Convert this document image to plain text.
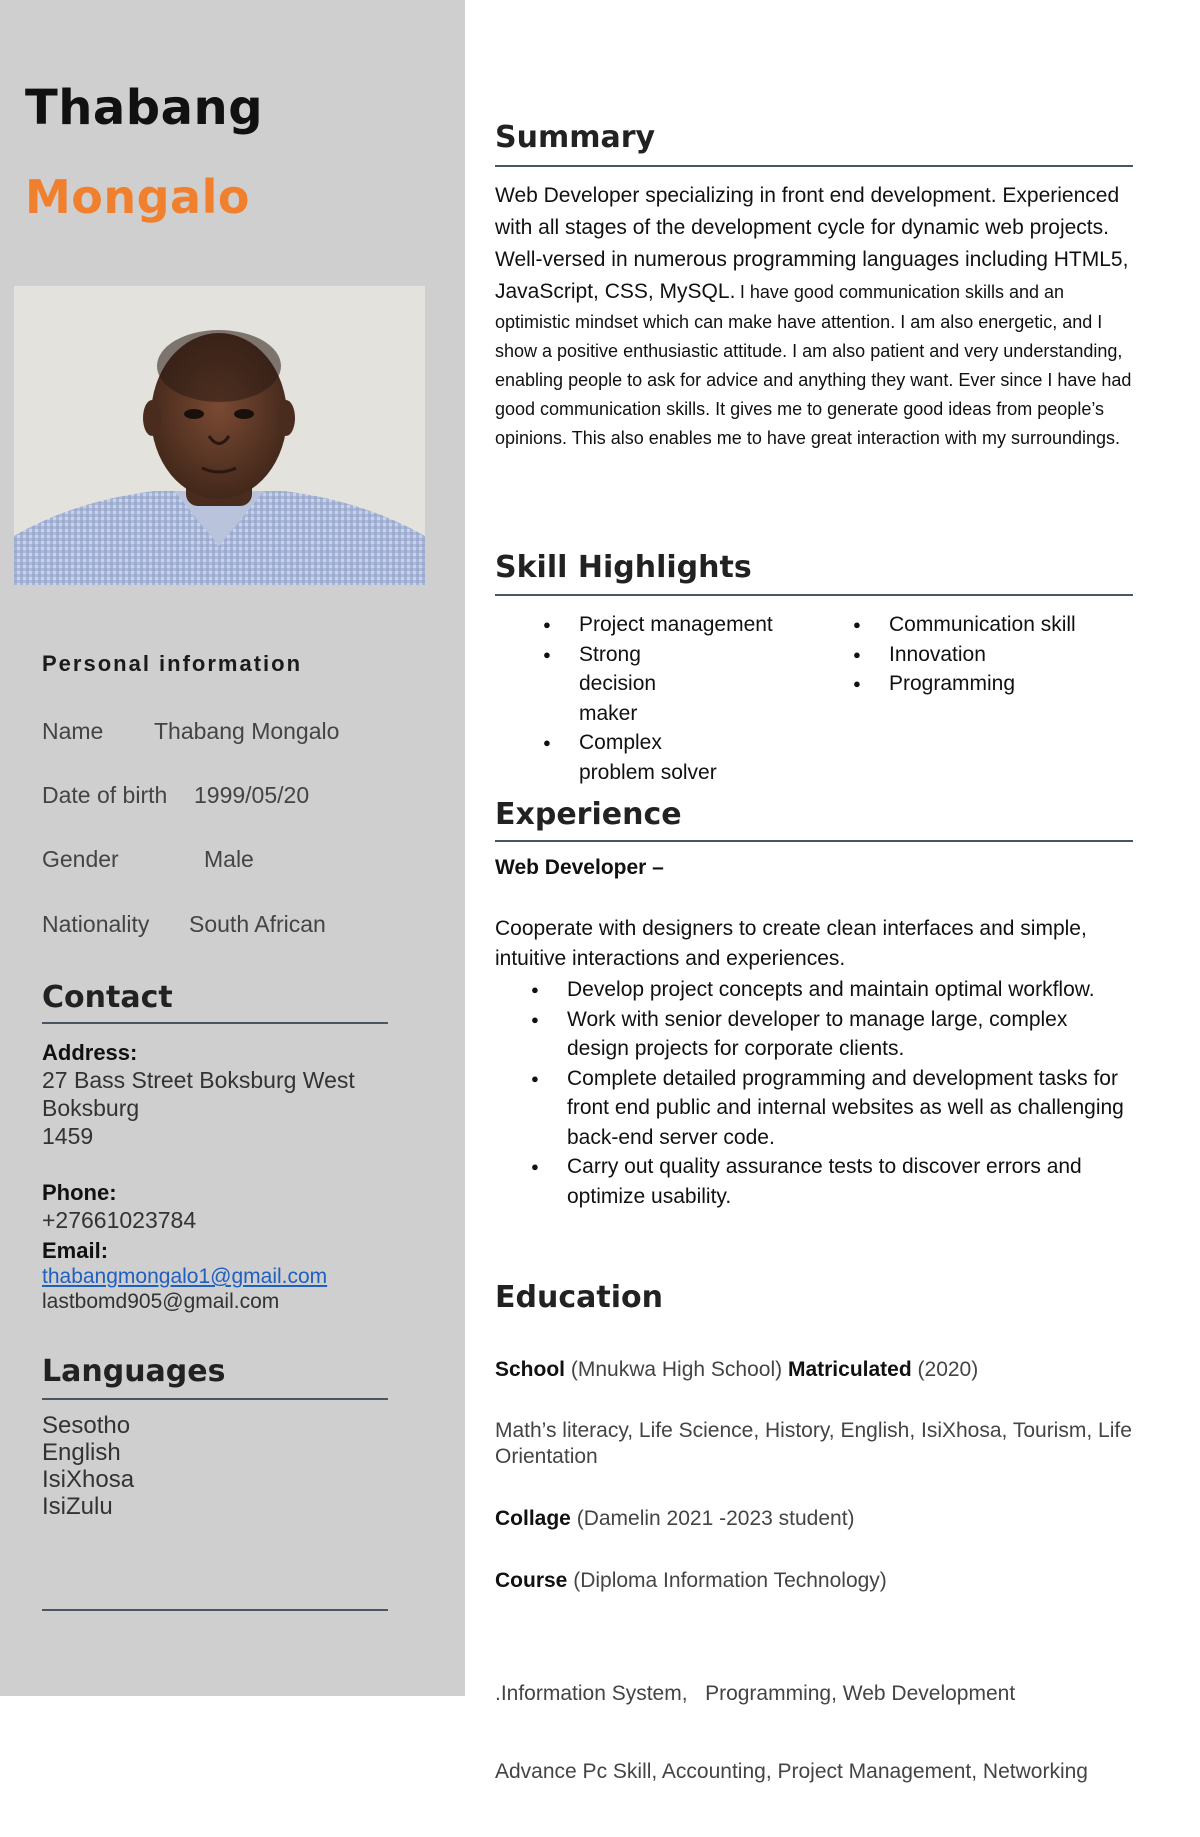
Thabang
Mongalo
Personal information
Name Thabang Mongalo
Date of birth 1999/05/20
Gender	Male
Nationality South African
Contact
Address:
27 Bass Street Boksburg West
Boksburg
1459
Phone:
+27661023784
Email:
thabangmongalo1@gmail.com
lastbomd905@gmail.com
Languages
Sesotho
English
IsiXhosa
IsiZulu
Summary
Web Developer specializing in front end development. Experienced with all stages of the development cycle for dynamic web projects. Well-versed in numerous programming languages including HTML5, JavaScript, CSS, MySQL. I have good communication skills and an optimistic mindset which can make have attention. I am also energetic, and I show a positive enthusiastic attitude. I am also patient and very understanding, enabling people to ask for advice and anything they want. Ever since I have had good communication skills. It gives me to generate good ideas from people’s opinions. This also enables me to have great interaction with my surroundings.
Skill Highlights
● Project management
● Strong decision maker
● Complex problem solver
● Communication skill
● Innovation
● Programming
Experience
Web Developer –
Cooperate with designers to create clean interfaces and simple, intuitive interactions and experiences.
● Develop project concepts and maintain optimal workflow.
● Work with senior developer to manage large, complex design projects for corporate clients.
● Complete detailed programming and development tasks for front end public and internal websites as well as challenging back-end server code.
● Carry out quality assurance tests to discover errors and optimize usability.
Education
School (Mnukwa High School) Matriculated (2020)
Math’s literacy, Life Science, History, English, IsiXhosa, Tourism, Life Orientation
Collage (Damelin 2021 -2023 student)
Course (Diploma Information Technology)

.Information System,   Programming, Web Development

Advance Pc Skill, Accounting, Project Management, Networking
